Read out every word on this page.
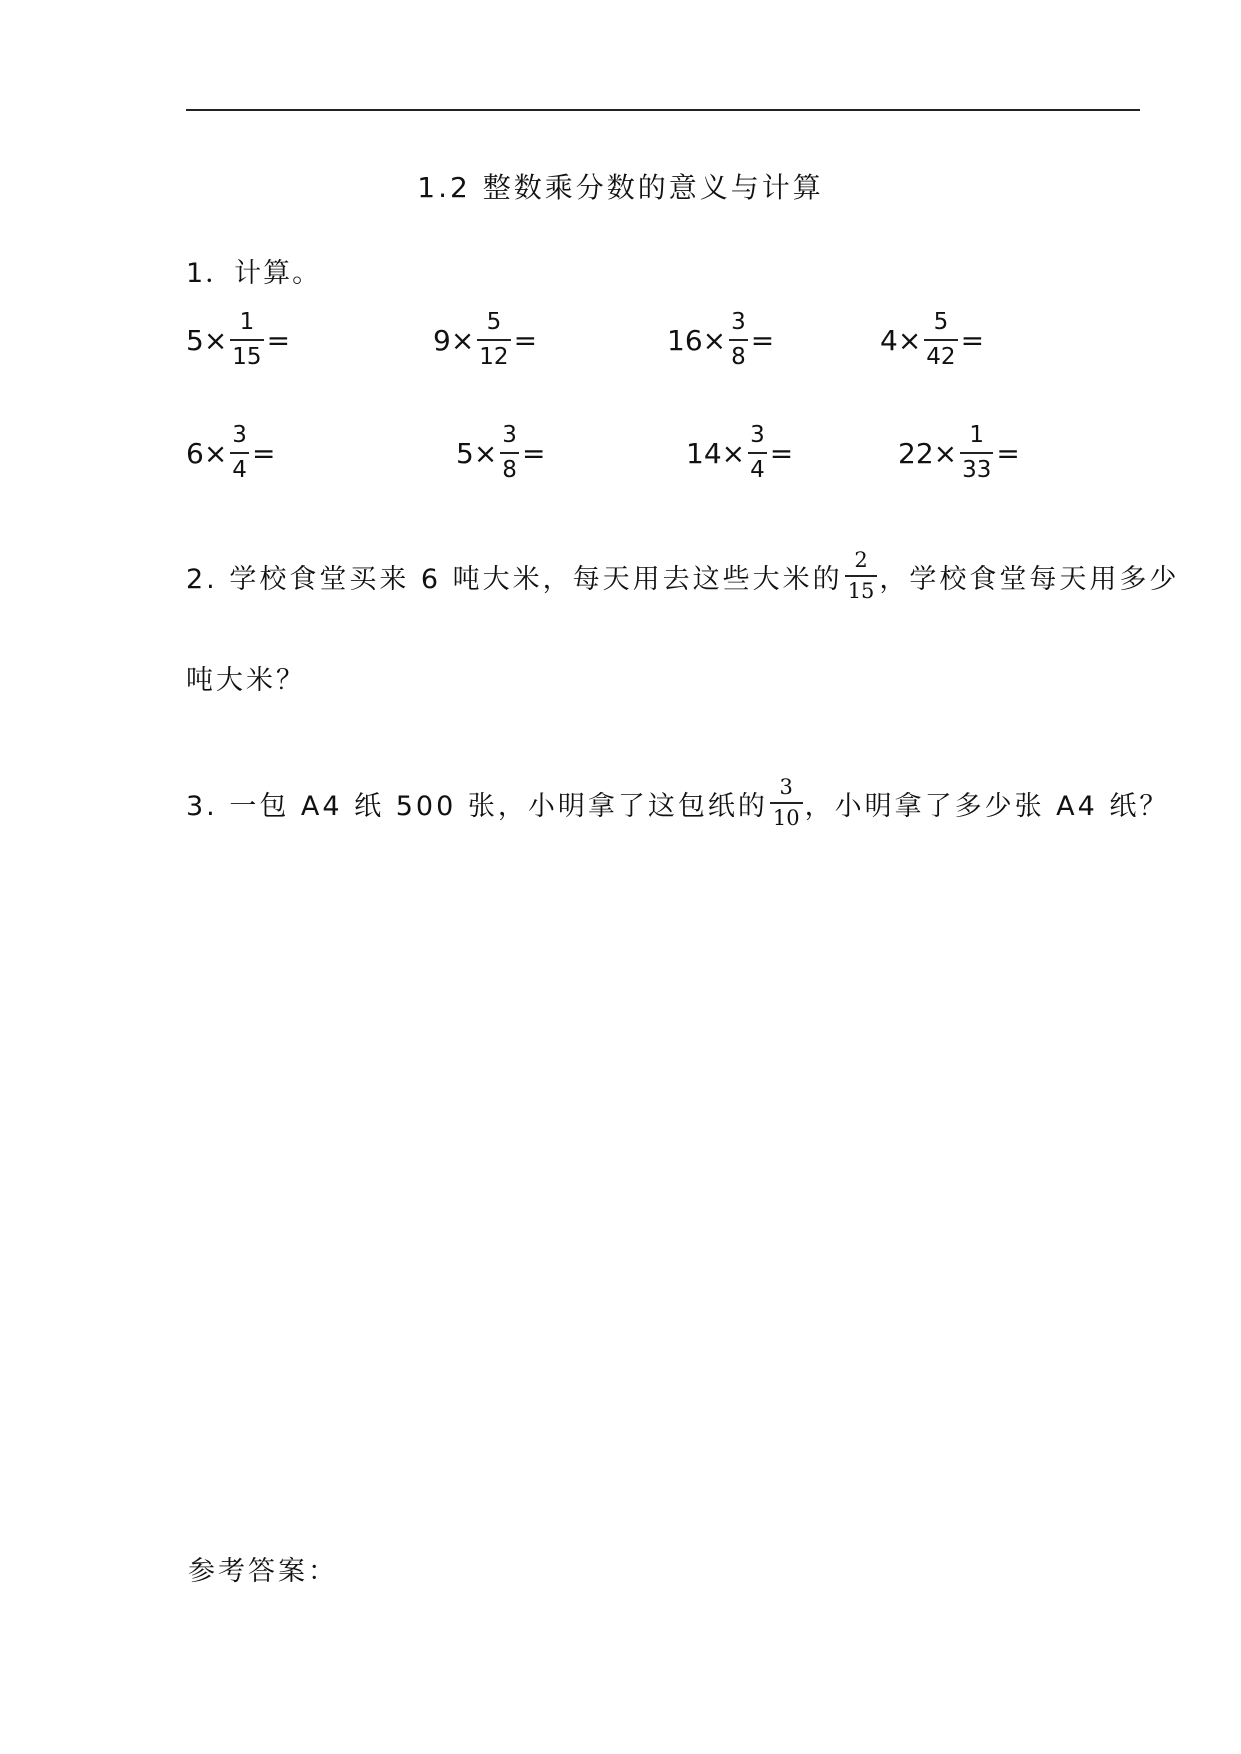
1.2 整数乘分数的意义与计算
1．计算。
$5 \times \frac{1}{15}$ =	$9 \times \frac{5}{12}$ =	$16 \times \frac{3}{8}$ =	$4 \times \frac{5}{42}$ =
$6 \times \frac{3}{4}$ =	$5 \times \frac{3}{8}$ =	$14 \times \frac{3}{4}$ =	$22 \times \frac{1}{33}$ =
2. 学校食堂买来 6 吨大米，每天用去这些大米的 $\frac{2}{15}$ ，学校食堂每天用多少
吨大米？
3. 一包 A4 纸 500 张，小明拿了这包纸的 $\frac{3}{10}$ ，小明拿了多少张 A4 纸？
参考答案：
